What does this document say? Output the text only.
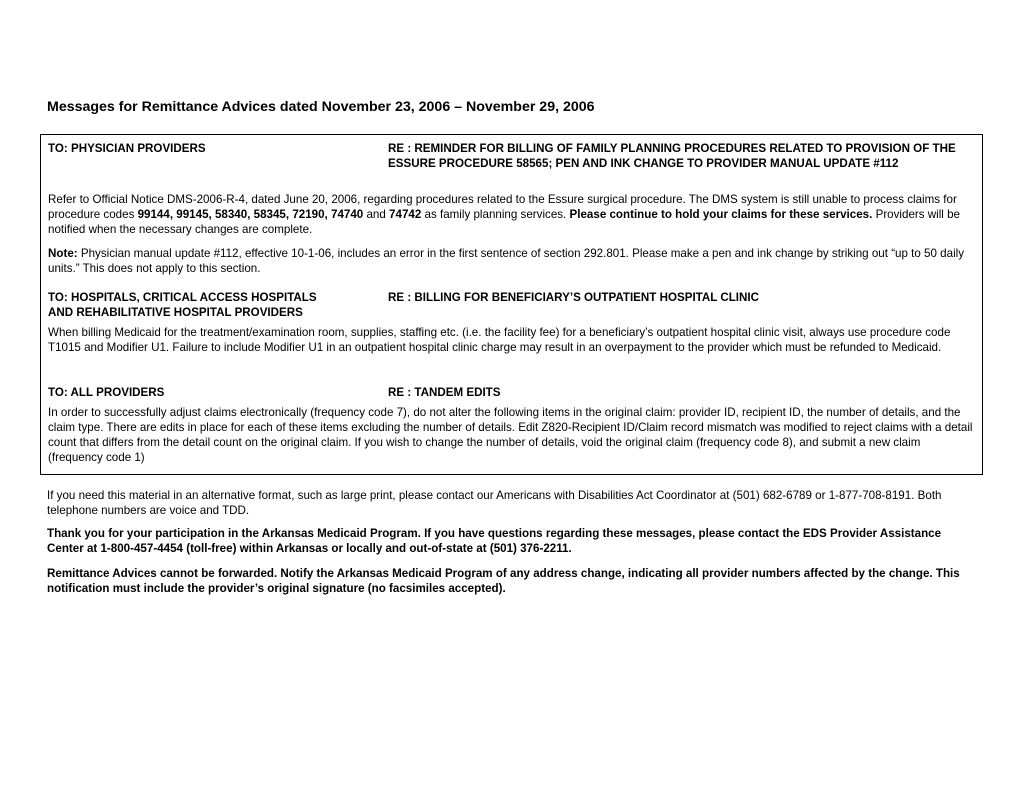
Messages for Remittance Advices dated November 23, 2006 – November 29, 2006
TO: PHYSICIAN PROVIDERS	RE : REMINDER FOR BILLING OF FAMILY PLANNING PROCEDURES RELATED TO PROVISION OF THE ESSURE PROCEDURE 58565; PEN AND INK CHANGE TO PROVIDER MANUAL UPDATE #112
Refer to Official Notice DMS-2006-R-4, dated June 20, 2006, regarding procedures related to the Essure surgical procedure. The DMS system is still unable to process claims for procedure codes 99144, 99145, 58340, 58345, 72190, 74740 and 74742 as family planning services. Please continue to hold your claims for these services. Providers will be notified when the necessary changes are complete.
Note: Physician manual update #112, effective 10-1-06, includes an error in the first sentence of section 292.801. Please make a pen and ink change by striking out “up to 50 daily units.” This does not apply to this section.
TO: HOSPITALS, CRITICAL ACCESS HOSPITALS
AND REHABILITATIVE HOSPITAL PROVIDERS
RE : BILLING FOR BENEFICIARY’S OUTPATIENT HOSPITAL CLINIC
When billing Medicaid for the treatment/examination room, supplies, staffing etc. (i.e. the facility fee) for a beneficiary’s outpatient hospital clinic visit, always use procedure code T1015 and Modifier U1. Failure to include Modifier U1 in an outpatient hospital clinic charge may result in an overpayment to the provider which must be refunded to Medicaid.
TO: ALL PROVIDERS	RE : TANDEM EDITS
In order to successfully adjust claims electronically (frequency code 7), do not alter the following items in the original claim: provider ID, recipient ID, the number of details, and the claim type. There are edits in place for each of these items excluding the number of details. Edit Z820-Recipient ID/Claim record mismatch was modified to reject claims with a detail count that differs from the detail count on the original claim. If you wish to change the number of details, void the original claim (frequency code 8), and submit a new claim (frequency code 1)
If you need this material in an alternative format, such as large print, please contact our Americans with Disabilities Act Coordinator at (501) 682-6789 or 1-877-708-8191. Both telephone numbers are voice and TDD.
Thank you for your participation in the Arkansas Medicaid Program. If you have questions regarding these messages, please contact the EDS Provider Assistance Center at 1-800-457-4454 (toll-free) within Arkansas or locally and out-of-state at (501) 376-2211.
Remittance Advices cannot be forwarded. Notify the Arkansas Medicaid Program of any address change, indicating all provider numbers affected by the change. This notification must include the provider’s original signature (no facsimiles accepted).
